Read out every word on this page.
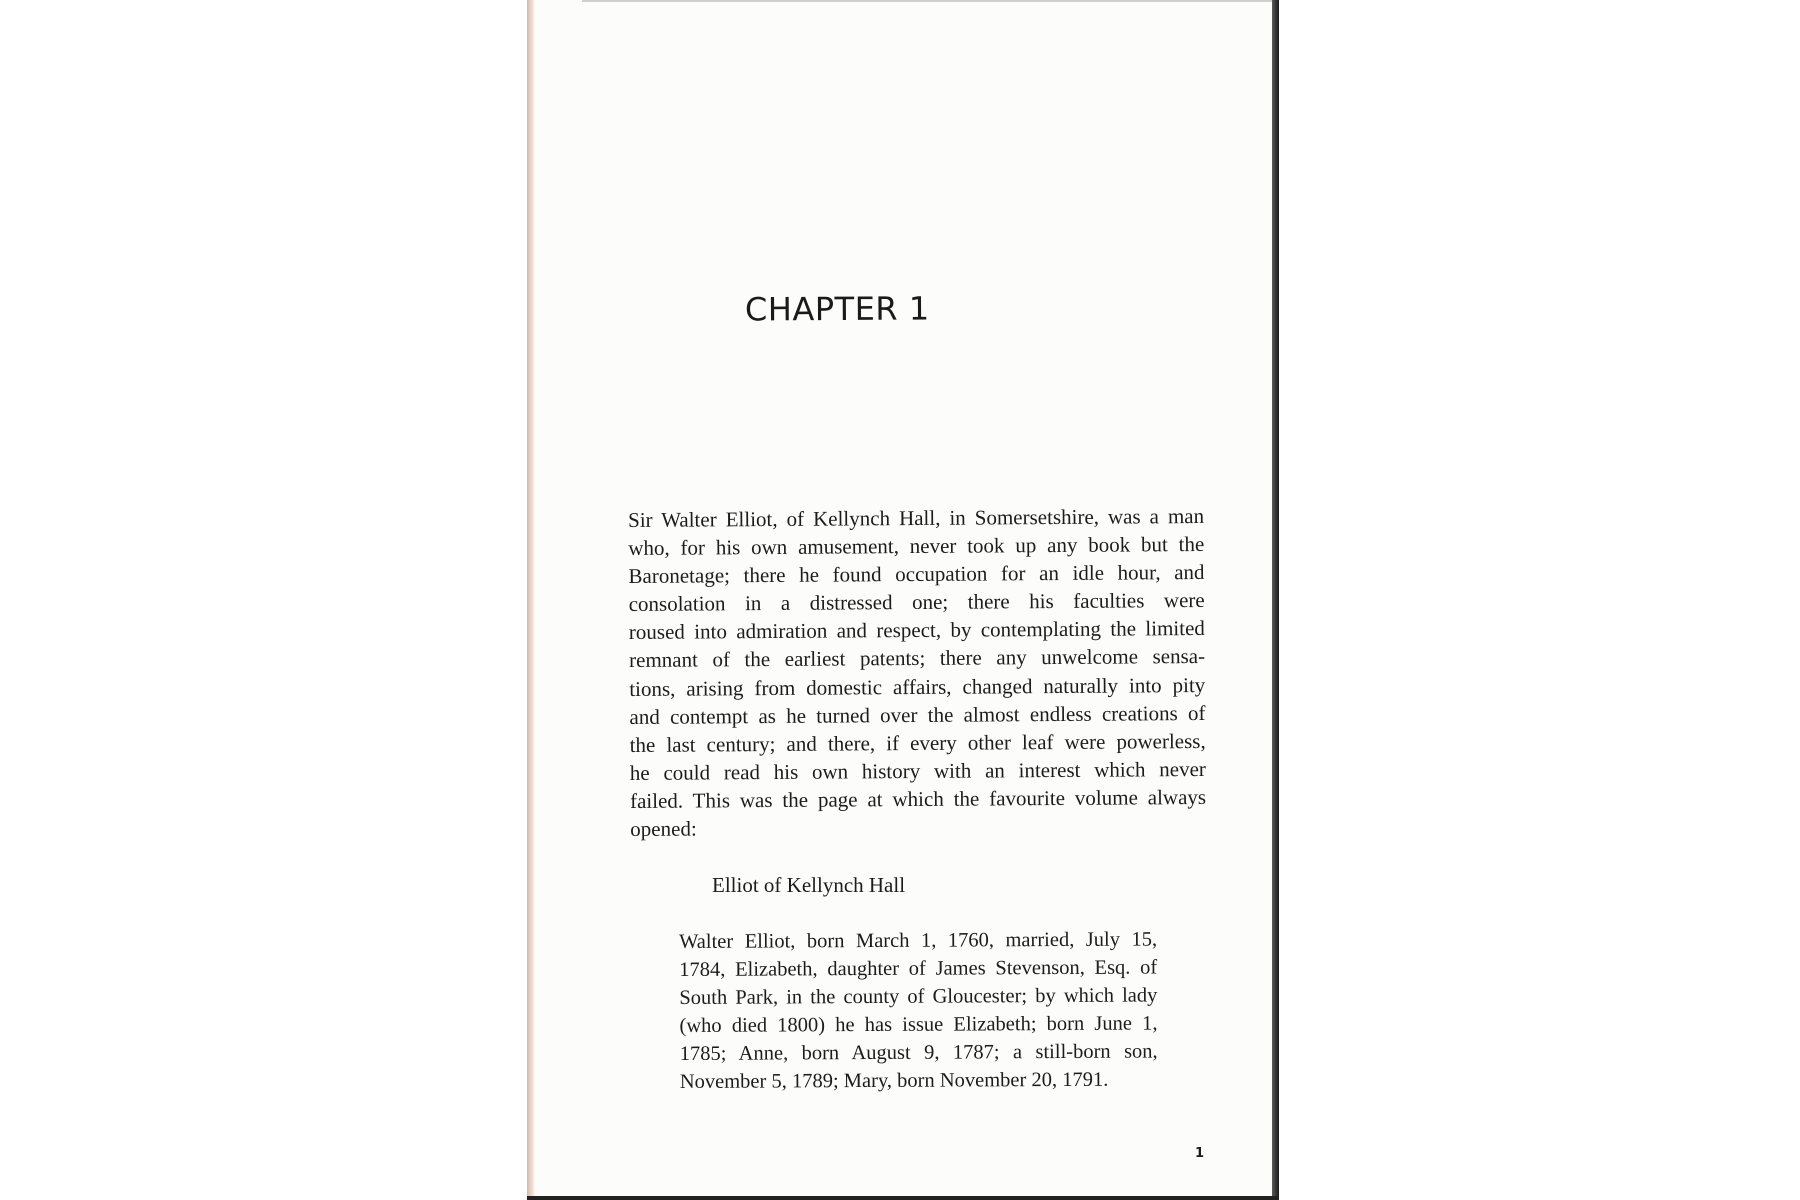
CHAPTER 1
Sir Walter Elliot, of Kellynch Hall, in Somersetshire, was a man
who, for his own amusement, never took up any book but the
Baronetage; there he found occupation for an idle hour, and
consolation in a distressed one; there his faculties were
roused into admiration and respect, by contemplating the limited
remnant of the earliest patents; there any unwelcome sensa-
tions, arising from domestic affairs, changed naturally into pity
and contempt as he turned over the almost endless creations of
the last century; and there, if every other leaf were powerless,
he could read his own history with an interest which never
failed. This was the page at which the favourite volume always
opened:
Elliot of Kellynch Hall
Walter Elliot, born March 1, 1760, married, July 15,
1784, Elizabeth, daughter of James Stevenson, Esq. of
South Park, in the county of Gloucester; by which lady
(who died 1800) he has issue Elizabeth; born June 1,
1785; Anne, born August 9, 1787; a still-born son,
November 5, 1789; Mary, born November 20, 1791.
1
